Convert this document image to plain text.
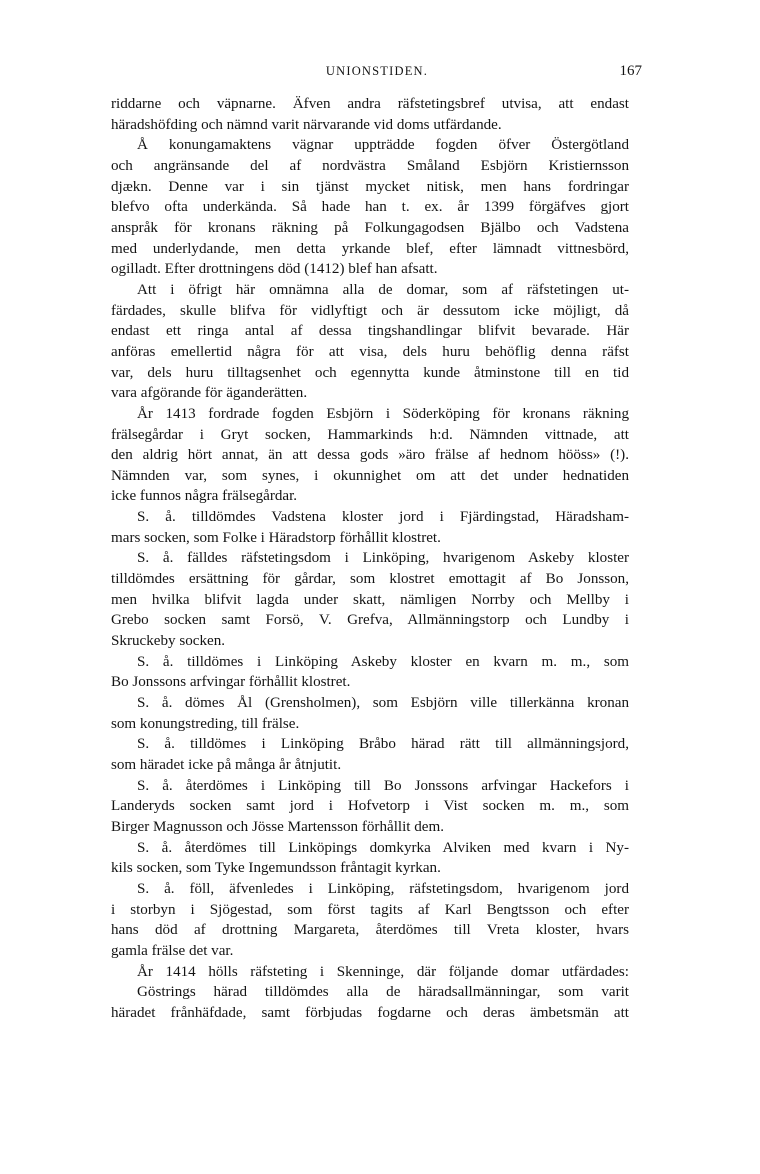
UNIONSTIDEN.	167
riddarne och väpnarne. Äfven andra räfstetingsbref utvisa, att endast
häradshöfding och nämnd varit närvarande vid doms utfärdande.
Å konungamaktens vägnar uppträdde fogden öfver Östergötland
och angränsande del af nordvästra Småland Esbjörn Kristiernsson
djækn. Denne var i sin tjänst mycket nitisk, men hans fordringar
blefvo ofta underkända. Så hade han t. ex. år 1399 förgäfves gjort
anspråk för kronans räkning på Folkungagodsen Bjälbo och Vadstena
med underlydande, men detta yrkande blef, efter lämnadt vittnesbörd,
ogilladt. Efter drottningens död (1412) blef han afsatt.
Att i öfrigt här omnämna alla de domar, som af räfstetingen ut-
färdades, skulle blifva för vidlyftigt och är dessutom icke möjligt, då
endast ett ringa antal af dessa tingshandlingar blifvit bevarade. Här
anföras emellertid några för att visa, dels huru behöflig denna räfst
var, dels huru tilltagsenhet och egennytta kunde åtminstone till en tid
vara afgörande för äganderätten.
År 1413 fordrade fogden Esbjörn i Söderköping för kronans räkning
frälsegårdar i Gryt socken, Hammarkinds h:d. Nämnden vittnade, att
den aldrig hört annat, än att dessa gods »äro frälse af hednom hööss» (!).
Nämnden var, som synes, i okunnighet om att det under hednatiden
icke funnos några frälsegårdar.
S. å. tilldömdes Vadstena kloster jord i Fjärdingstad, Häradsham-
mars socken, som Folke i Häradstorp förhållit klostret.
S. å. fälldes räfstetingsdom i Linköping, hvarigenom Askeby kloster
tilldömdes ersättning för gårdar, som klostret emottagit af Bo Jonsson,
men hvilka blifvit lagda under skatt, nämligen Norrby och Mellby i
Grebo socken samt Forsö, V. Grefva, Allmänningstorp och Lundby i
Skruckeby socken.
S. å. tilldömes i Linköping Askeby kloster en kvarn m. m., som
Bo Jonssons arfvingar förhållit klostret.
S. å. dömes Ål (Grensholmen), som Esbjörn ville tillerkänna kronan
som konungstreding, till frälse.
S. å. tilldömes i Linköping Bråbo härad rätt till allmänningsjord,
som häradet icke på många år åtnjutit.
S. å. återdömes i Linköping till Bo Jonssons arfvingar Hackefors i
Landeryds socken samt jord i Hofvetorp i Vist socken m. m., som
Birger Magnusson och Jösse Martensson förhållit dem.
S. å. återdömes till Linköpings domkyrka Alviken med kvarn i Ny-
kils socken, som Tyke Ingemundsson fråntagit kyrkan.
S. å. föll, äfvenledes i Linköping, räfstetingsdom, hvarigenom jord
i storbyn i Sjögestad, som först tagits af Karl Bengtsson och efter
hans död af drottning Margareta, återdömes till Vreta kloster, hvars
gamla frälse det var.
År 1414 hölls räfsteting i Skenninge, där följande domar utfärdades:
Göstrings härad tilldömdes alla de häradsallmänningar, som varit
häradet frånhäfdade, samt förbjudas fogdarne och deras ämbetsmän att
